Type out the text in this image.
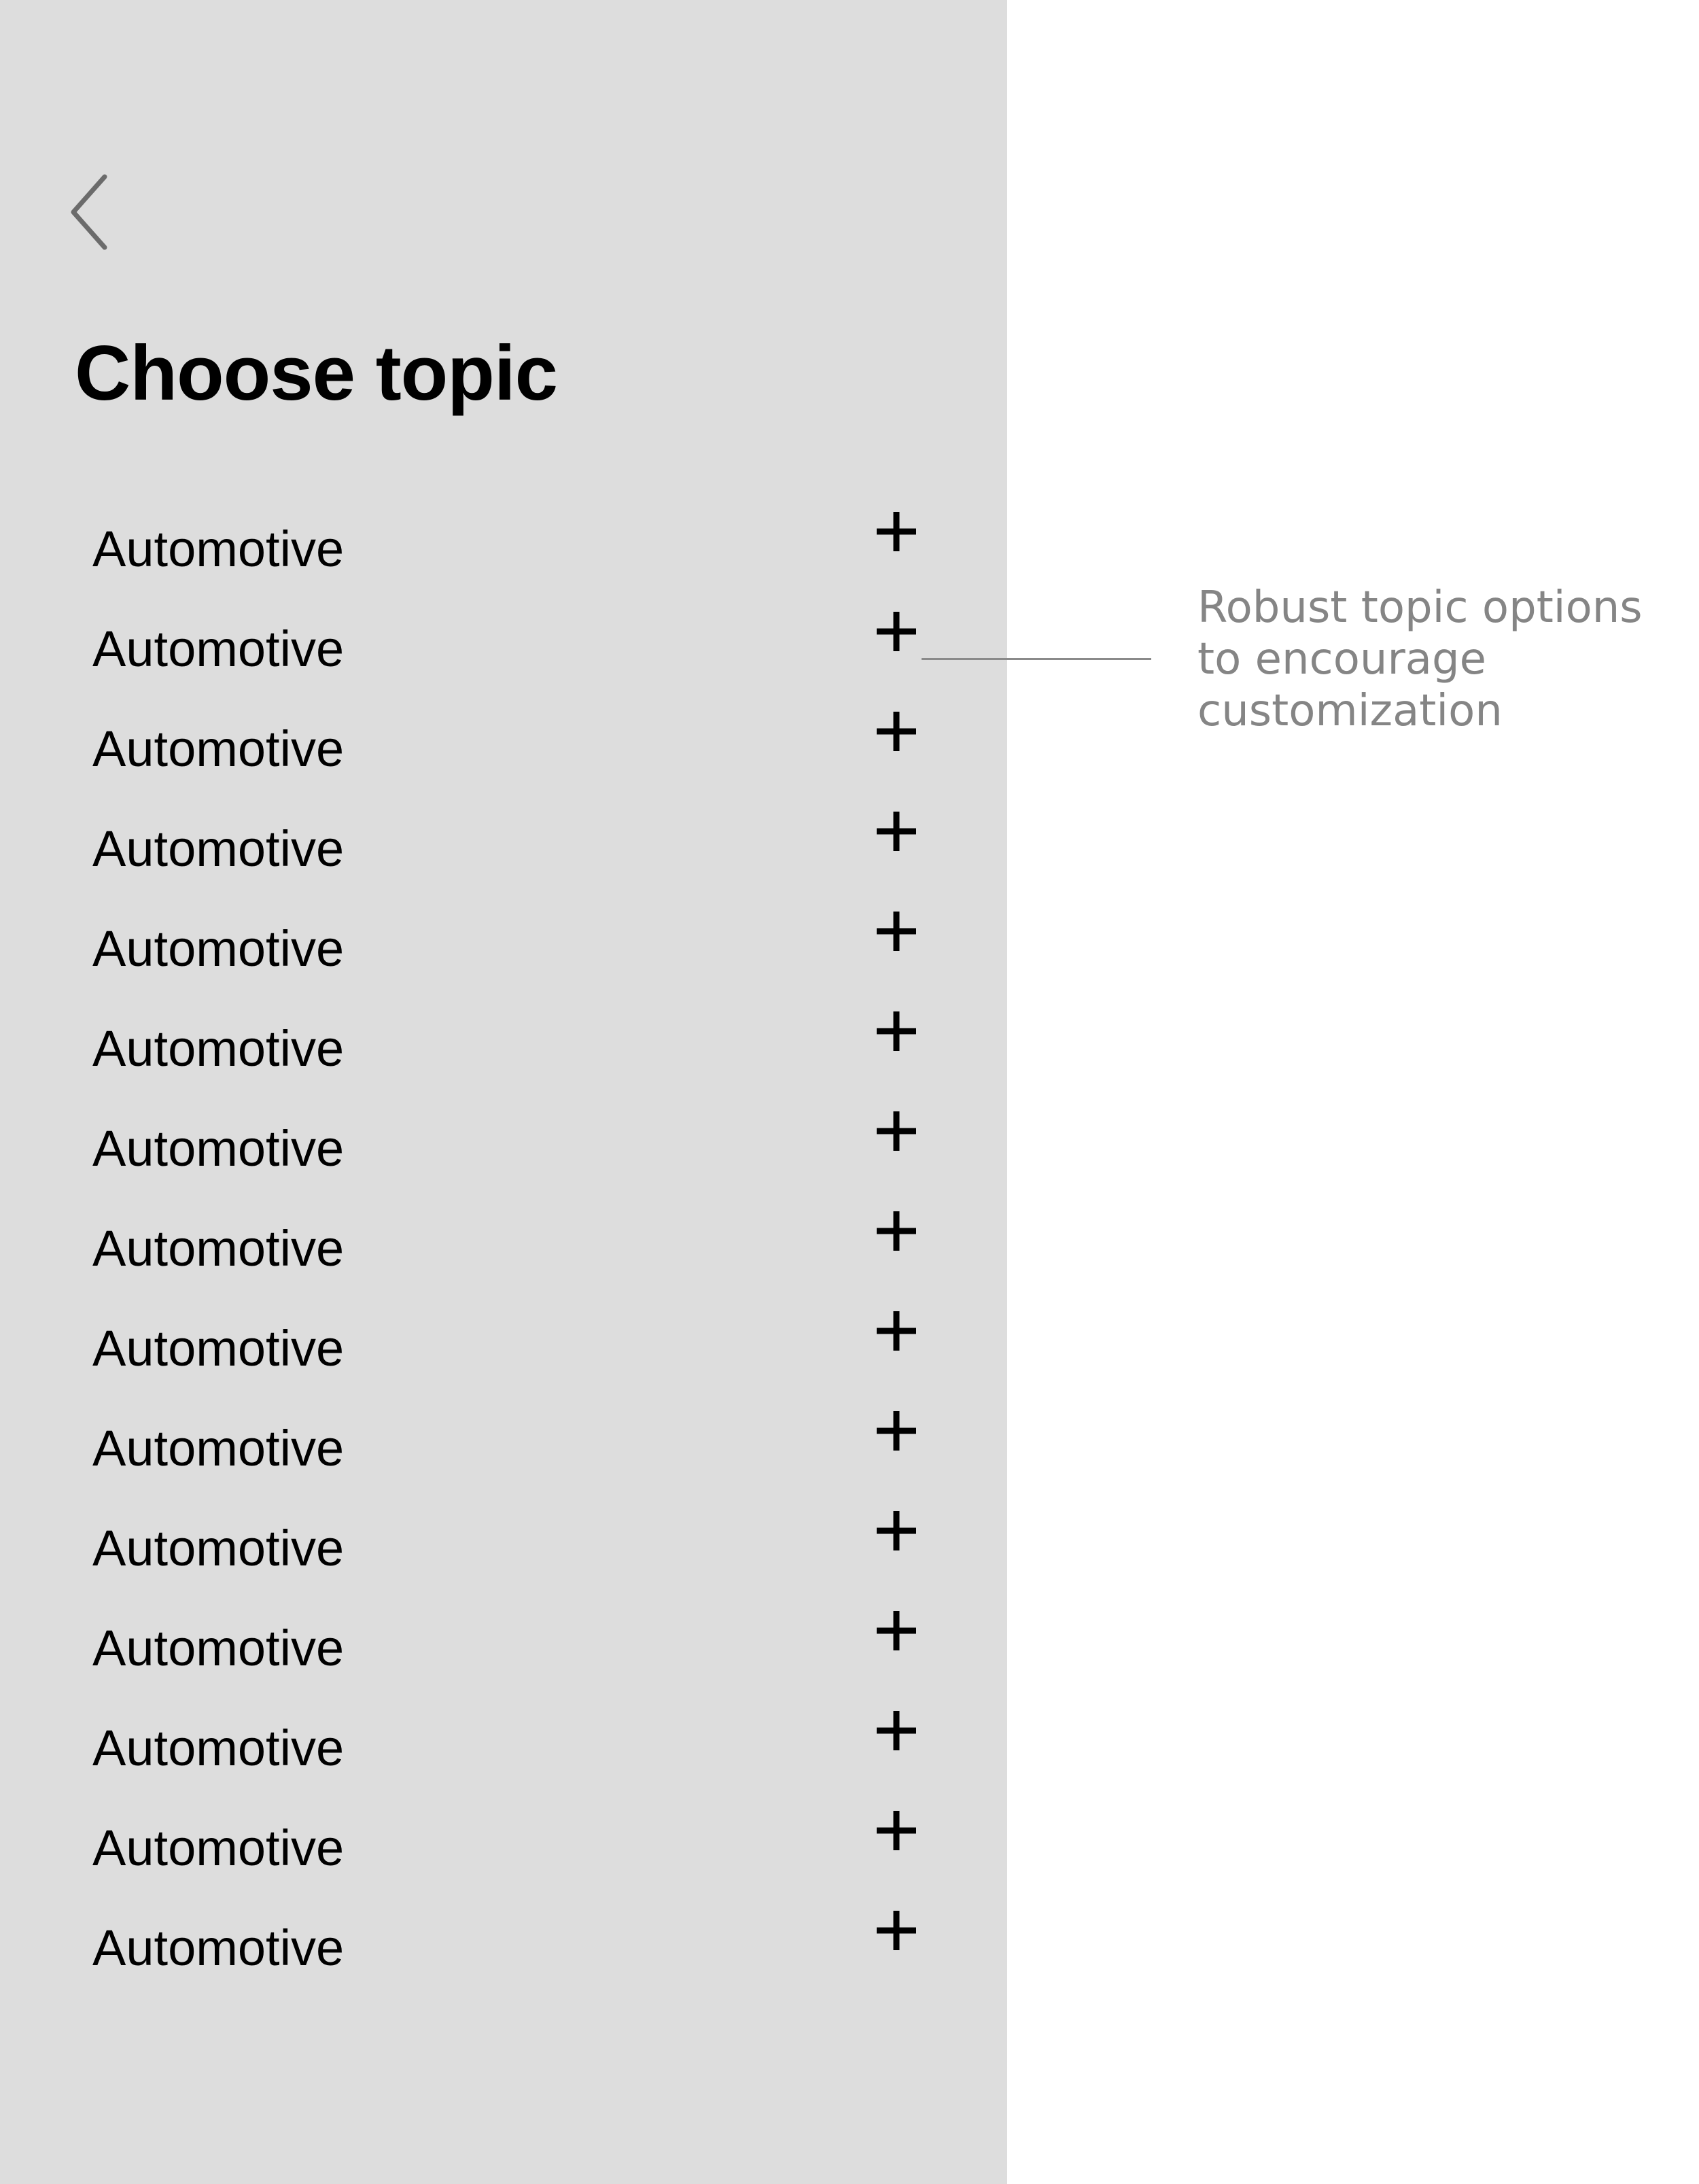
Choose topic
Automotive
Automotive
Automotive
Automotive
Automotive
Automotive
Automotive
Automotive
Automotive
Automotive
Automotive
Automotive
Automotive
Automotive
Automotive
Robust topic options
to encourage
customization
